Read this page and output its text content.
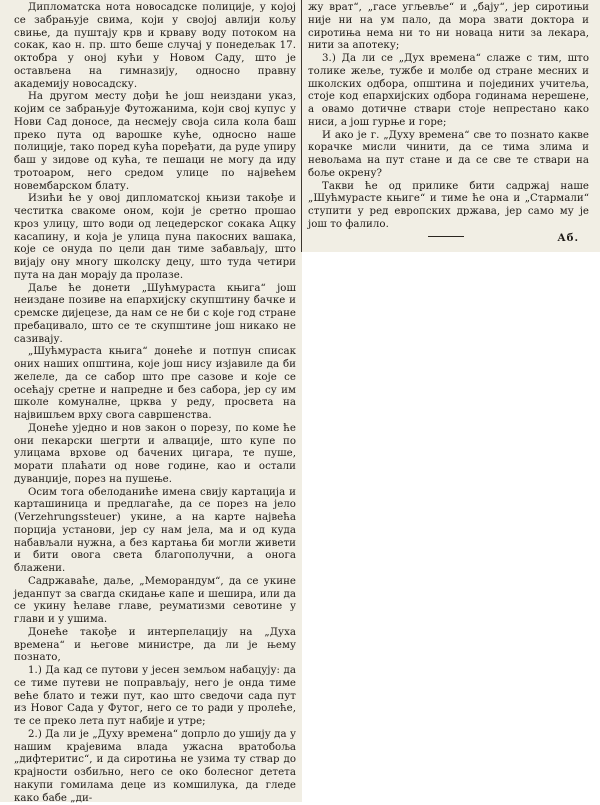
Дипломатска нота новосадске полиције, у којој се забрањује свима, који у својој авлији кољу свиње, да пуштају крв и крваву воду потоком на сокак, као н. пр. што беше случај у понедељак 17. октобра у оној кући у Новом Саду, што је остављена на гимназију, односно правну академију новосадску.

На другом месту дођи ће још неиздани указ, којим се забрањује Футожанима, који свој купус у Нови Сад доносе, да несмеју своја сила кола баш преко пута од варошке куће, односно наше полиције, тако поред кућа поређати, да руде упиру баш у зидове од кућа, те пешаци не могу да иду тротоаром, него средом улице по највећем новембарском блату.

Изићи ће у овој дипломатској књизи такође и честитка свакоме оном, који је сретно прошао кроз улицу, што води од лецедерског сокака Ацку касапину, и која је улица пуна пакосних вашака, које се онуда по цели дан тиме забављају, што вијају ону многу школску децу, што туда четири пута на дан морају да пролазе.

Даље ће донети „Шућмураста књига“ још неиздане позиве на епархијску скупштину бачке и сремске дијецезе, да нам се не би с које год стране пребацивало, што се те скупштине још никако не сазивају.

„Шућмураста књига“ донеће и потпун списак оних наших општина, које још нису изјавиле да би желеле, да се сабор што пре сазове и које се осећају сретне и напредне и без сабора, јер су им школе комуналне, црква у реду, просвета на највишљем врху свога савршенства.

Донеће уједно и нов закон о порезу, по коме ће они пекарски шегрти и алвацијe, што купе по улицама врхове од бачених цигара, те пуше, морати плаћати од нове године, као и остали дуванџије, порез на пушење.

Осим тога обелоданиће имена свију картација и карташиница и предлагаће, да се порез на јело (Verzehrungssteuer) укине, а на карте највећа порција установи, јер су нам јела, ма и од куда набављали нужна, а без картања би могли живети и бити овога света благополучни, а онога блажени.

Садржаваће, даље, „Меморандум“, да се укине једанпут за свагда скидање капе и шешира, или да се укину ћелаве главе, реуматизми севотине у глави и у ушима.

Донеће такође и интерпелацију на „Духа времена“ и његове министре, да ли је њему познато,

1.) Да кад се путови у јесен земљом набацују: да се тиме путеви не поправљају, него је онда тиме веће блато и тежи пут, као што сведочи сада пут из Новог Сада у Футог, него се то ради у пролеће, те се преко лета пут набије и утре;

2.) Да ли је „Духу времена“ допрло до ушију да у нашим крајевима влада ужасна вратобоља „дифтеритис“, и да сиротиња не узима ту ствар до крајности озбиљно, него се око болесног детета накупи гомилама деце из комшилука, да гледе како бабе „ди-

жу врат“, „гасе угљевље“ и „бају“, јер сиротињи није ни на ум пало, да мора звати доктора и сиротиња нема ни то ни новаца нити за лекара, нити за апотеку;

3.) Да ли се „Дух времена“ слаже с тим, што толике жеље, тужбе и молбе од стране месних и школских одбора, општина и појединих учитеља, стоје код епархијских одбора годинама нерешене, а овамо дотичне ствари стоје непрестано како ниси, а још гурње и горе;

И ако је г. „Духу времена“ све то познато какве корачке мисли чинити, да се тима злима и невољама на пут стане и да се све те ствари на боље окрену?

Такви ће од прилике бити садржај наше „Шућмурасте књиге“ и тиме ће она и „Стармали“ ступити у ред европских држава, јер само му је још то фалило.

Аб.
